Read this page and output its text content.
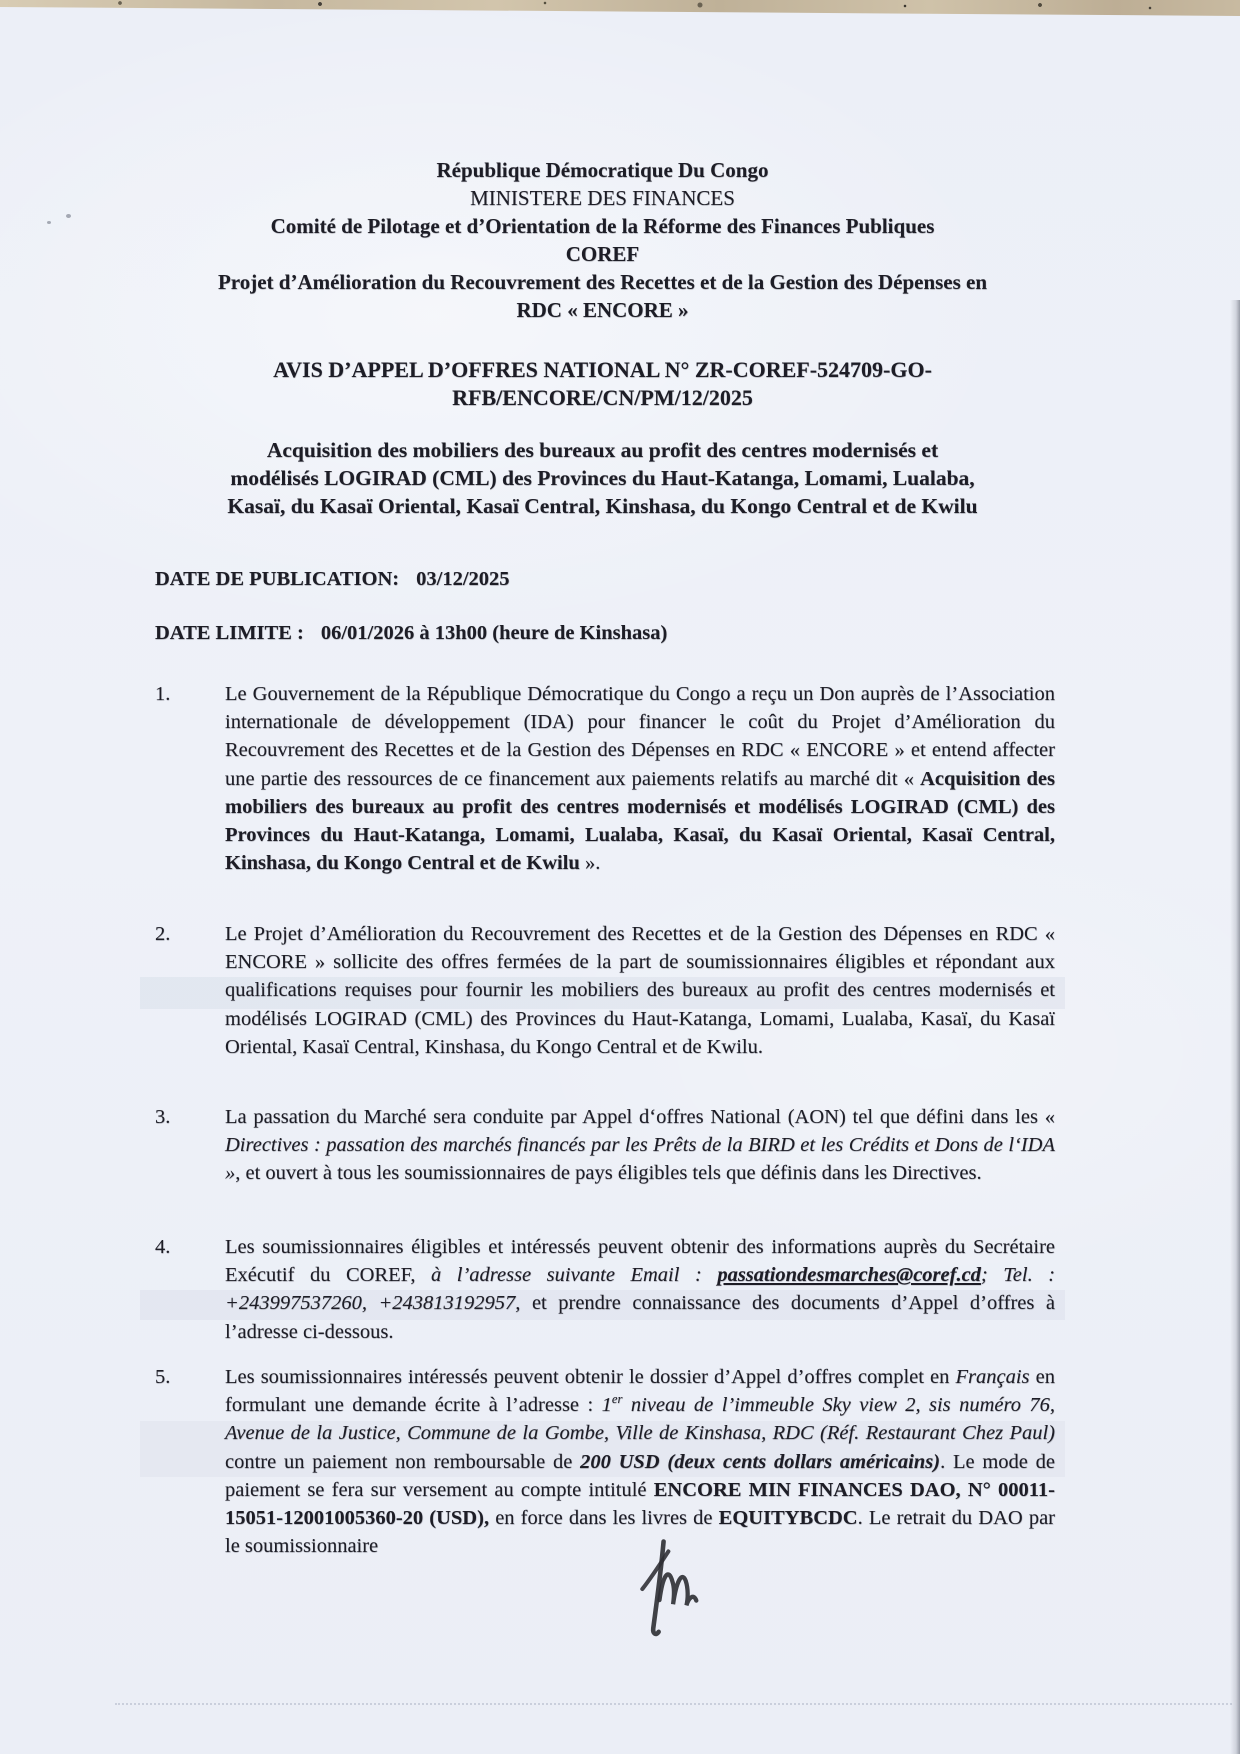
République Démocratique Du Congo
MINISTERE DES FINANCES
Comité de Pilotage et d’Orientation de la Réforme des Finances Publiques
COREF
Projet d’Amélioration du Recouvrement des Recettes et de la Gestion des Dépenses en
RDC « ENCORE »
AVIS D’APPEL D’OFFRES NATIONAL N° ZR-COREF-524709-GO-
RFB/ENCORE/CN/PM/12/2025
Acquisition des mobiliers des bureaux au profit des centres modernisés et
modélisés LOGIRAD (CML) des Provinces du Haut-Katanga, Lomami, Lualaba,
Kasaï, du Kasaï Oriental, Kasaï Central, Kinshasa, du Kongo Central et de Kwilu
DATE DE PUBLICATION: 03/12/2025
DATE LIMITE : 06/01/2026 à 13h00 (heure de Kinshasa)
1.	Le Gouvernement de la République Démocratique du Congo a reçu un Don auprès de l’Association internationale de développement (IDA) pour financer le coût du Projet d’Amélioration du Recouvrement des Recettes et de la Gestion des Dépenses en RDC « ENCORE » et entend affecter une partie des ressources de ce financement aux paiements relatifs au marché dit « Acquisition des mobiliers des bureaux au profit des centres modernisés et modélisés LOGIRAD (CML) des Provinces du Haut-Katanga, Lomami, Lualaba, Kasaï, du Kasaï Oriental, Kasaï Central, Kinshasa, du Kongo Central et de Kwilu ».
2.	Le Projet d’Amélioration du Recouvrement des Recettes et de la Gestion des Dépenses en RDC « ENCORE » sollicite des offres fermées de la part de soumissionnaires éligibles et répondant aux qualifications requises pour fournir les mobiliers des bureaux au profit des centres modernisés et modélisés LOGIRAD (CML) des Provinces du Haut-Katanga, Lomami, Lualaba, Kasaï, du Kasaï Oriental, Kasaï Central, Kinshasa, du Kongo Central et de Kwilu.
3.	La passation du Marché sera conduite par Appel d‘offres National (AON) tel que défini dans les « Directives : passation des marchés financés par les Prêts de la BIRD et les Crédits et Dons de l‘IDA », et ouvert à tous les soumissionnaires de pays éligibles tels que définis dans les Directives.
4.	Les soumissionnaires éligibles et intéressés peuvent obtenir des informations auprès du Secrétaire Exécutif du COREF, à l’adresse suivante Email : passationdesmarches@coref.cd; Tel. : +243997537260, +243813192957, et prendre connaissance des documents d’Appel d’offres à l’adresse ci-dessous.
5.	Les soumissionnaires intéressés peuvent obtenir le dossier d’Appel d’offres complet en Français en formulant une demande écrite à l’adresse : 1er niveau de l’immeuble Sky view 2, sis numéro 76, Avenue de la Justice, Commune de la Gombe, Ville de Kinshasa, RDC (Réf. Restaurant Chez Paul) contre un paiement non remboursable de 200 USD (deux cents dollars américains). Le mode de paiement se fera sur versement au compte intitulé ENCORE MIN FINANCES DAO, N° 00011-15051-12001005360-20 (USD), en force dans les livres de EQUITYBCDC. Le retrait du DAO par le soumissionnaire
